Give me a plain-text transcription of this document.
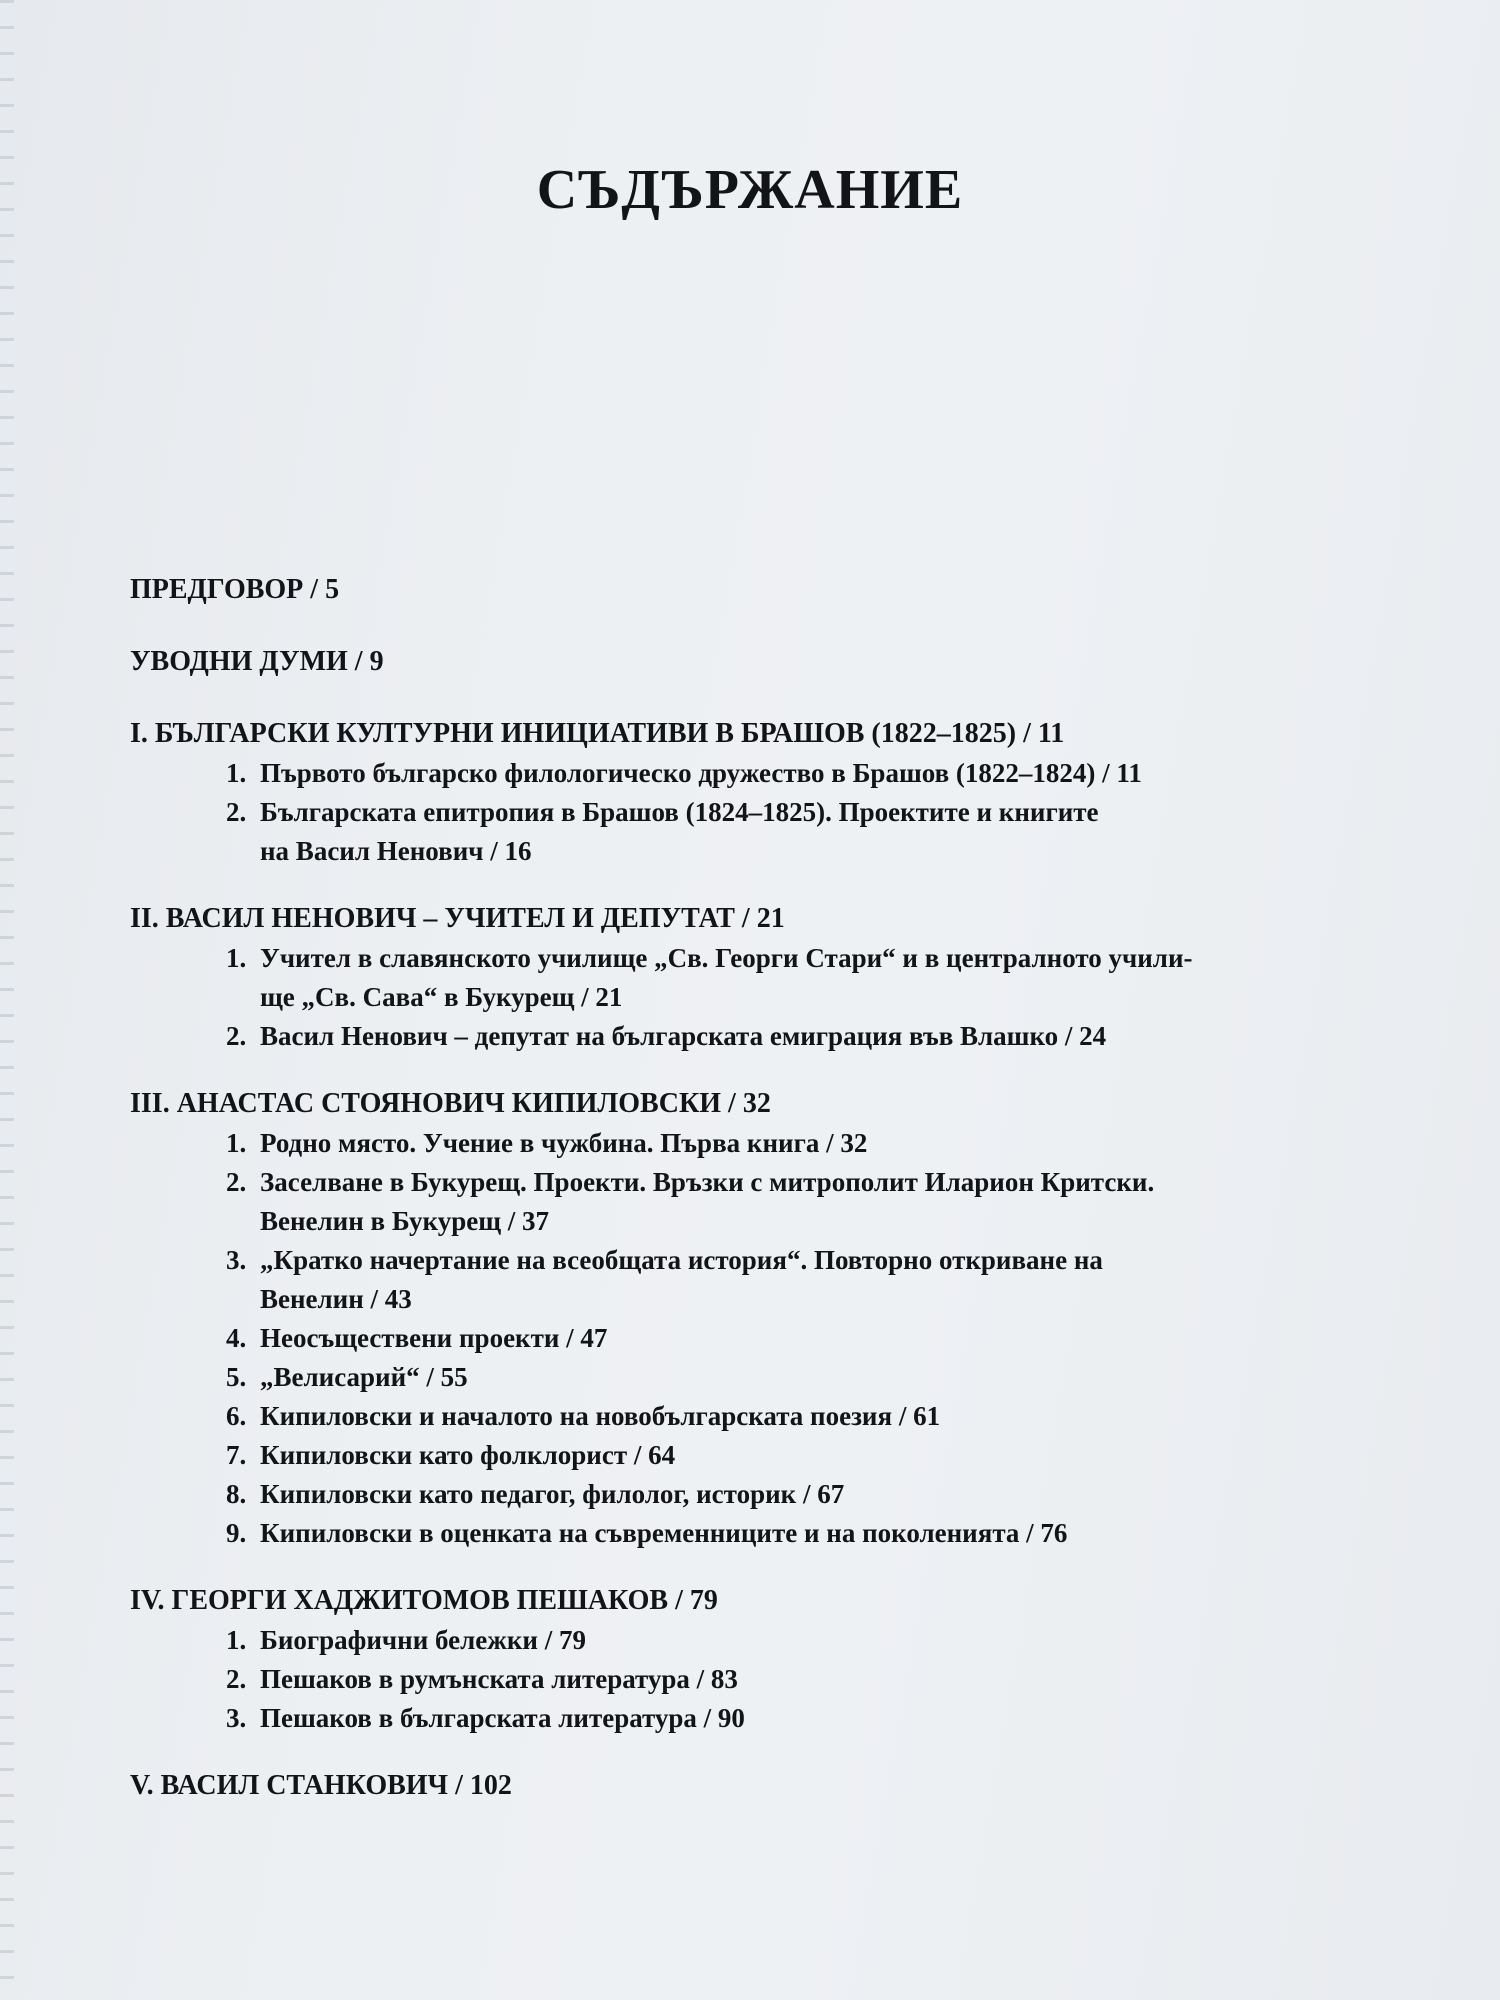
СЪДЪРЖАНИЕ

ПРЕДГОВОР / 5

УВОДНИ ДУМИ / 9

I. БЪЛГАРСКИ КУЛТУРНИ ИНИЦИАТИВИ В БРАШОВ (1822–1825) / 11

1. Първото българско филологическо дружество в Брашов (1822–1824) / 11
2. Българската епитропия в Брашов (1824–1825). Проектите и книгите
на Васил Ненович / 16

II. ВАСИЛ НЕНОВИЧ – УЧИТЕЛ И ДЕПУТАТ / 21

1. Учител в славянското училище „Св. Георги Стари“ и в централното учили-
ще „Св. Сава“ в Букурещ / 21
2. Васил Ненович – депутат на българската емиграция във Влашко / 24

III. АНАСТАС СТОЯНОВИЧ КИПИЛОВСКИ / 32

1. Родно място. Учение в чужбина. Първа книга / 32
2. Заселване в Букурещ. Проекти. Връзки с митрополит Иларион Критски.
Венелин в Букурещ / 37
3. „Кратко начертание на всеобщата история“. Повторно откриване на
Венелин / 43
4. Неосъществени проекти / 47
5. „Велисарий“ / 55
6. Кипиловски и началото на новобългарската поезия / 61
7. Кипиловски като фолклорист / 64
8. Кипиловски като педагог, филолог, историк / 67
9. Кипиловски в оценката на съвременниците и на поколенията / 76

IV. ГЕОРГИ ХАДЖИТОМОВ ПЕШАКОВ / 79

1. Биографични бележки / 79
2. Пешаков в румънската литература / 83
3. Пешаков в българската литература / 90

V. ВАСИЛ СТАНКОВИЧ / 102
